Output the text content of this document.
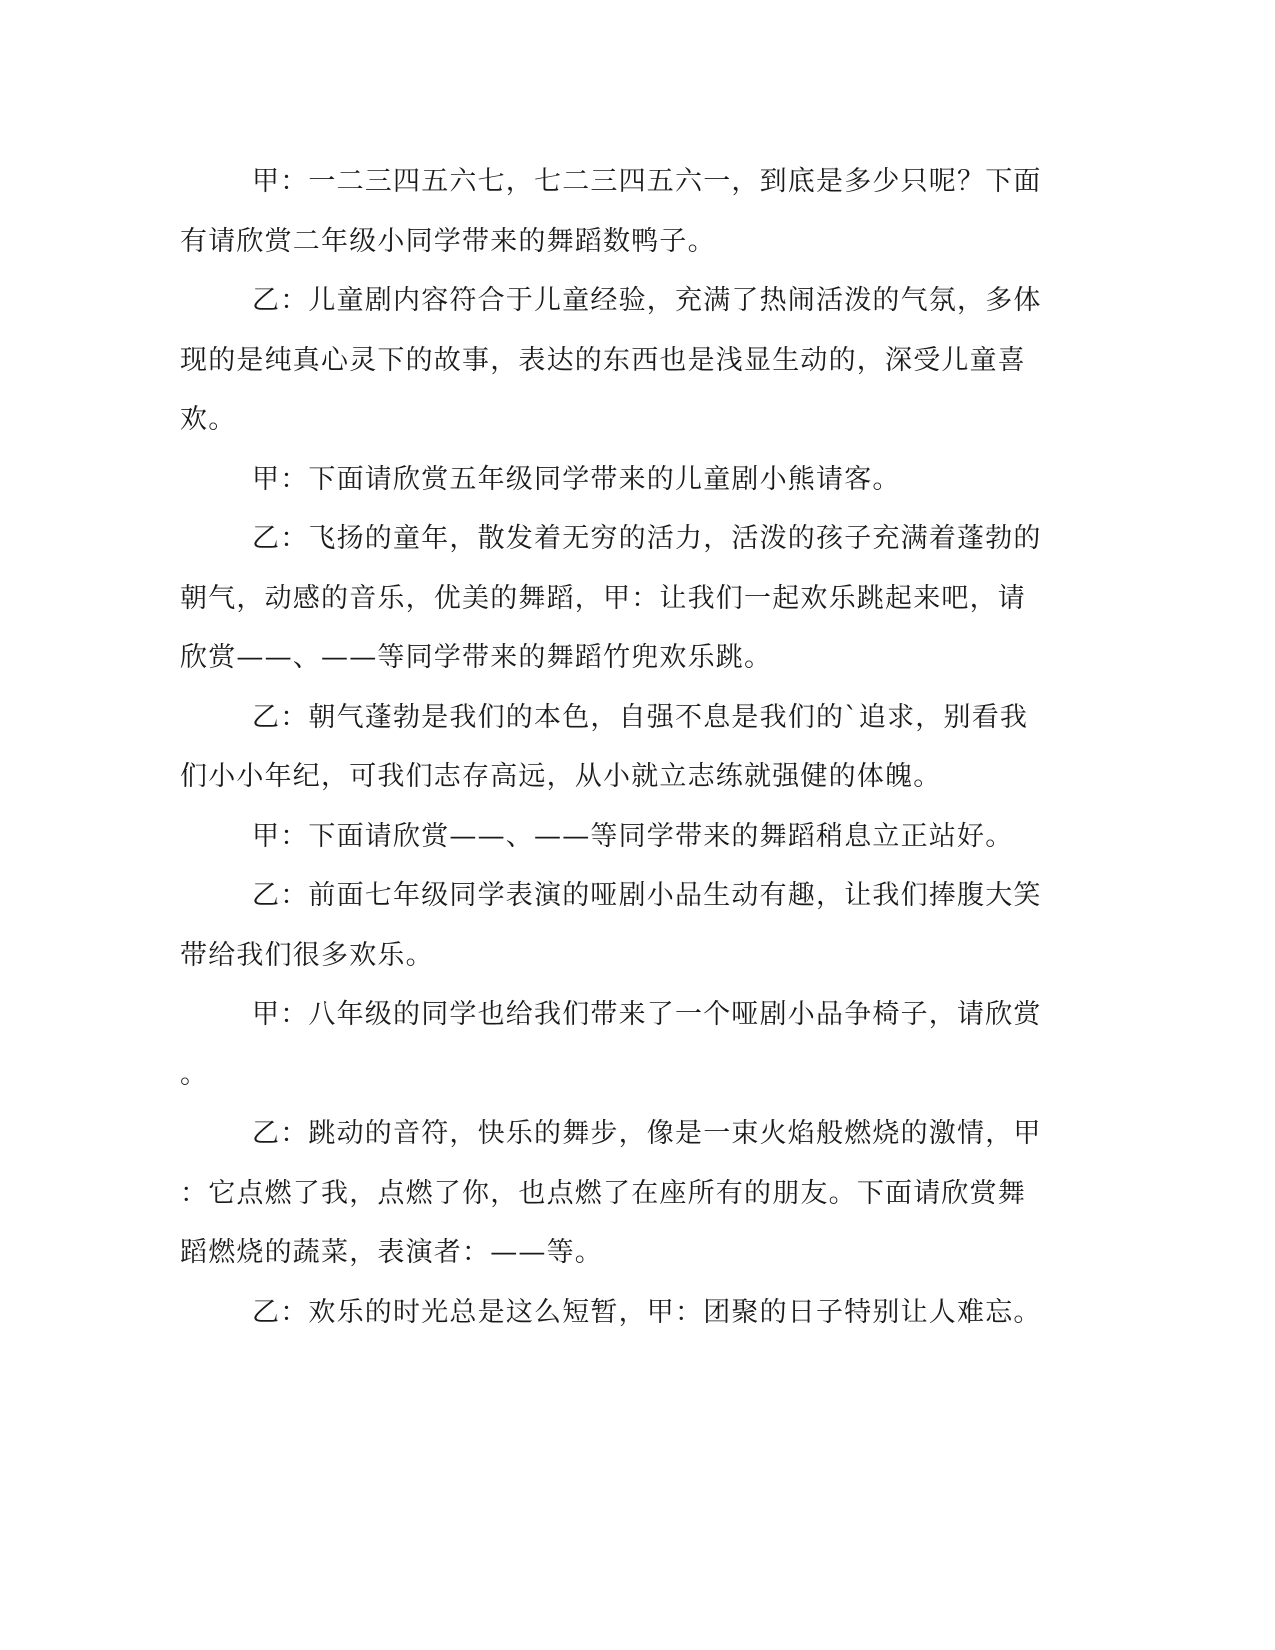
甲：一二三四五六七，七二三四五六一，到底是多少只呢？下面
有请欣赏二年级小同学带来的舞蹈数鸭子。
乙：儿童剧内容符合于儿童经验，充满了热闹活泼的气氛，多体
现的是纯真心灵下的故事，表达的东西也是浅显生动的，深受儿童喜
欢。
甲：下面请欣赏五年级同学带来的儿童剧小熊请客。
乙：飞扬的童年，散发着无穷的活力，活泼的孩子充满着蓬勃的
朝气，动感的音乐，优美的舞蹈，甲：让我们一起欢乐跳起来吧，请
欣赏——、——等同学带来的舞蹈竹兜欢乐跳。
乙：朝气蓬勃是我们的本色，自强不息是我们的`追求，别看我
们小小年纪，可我们志存高远，从小就立志练就强健的体魄。
甲：下面请欣赏——、——等同学带来的舞蹈稍息立正站好。
乙：前面七年级同学表演的哑剧小品生动有趣，让我们捧腹大笑
带给我们很多欢乐。
甲：八年级的同学也给我们带来了一个哑剧小品争椅子，请欣赏
。
乙：跳动的音符，快乐的舞步，像是一束火焰般燃烧的激情，甲
：它点燃了我，点燃了你，也点燃了在座所有的朋友。下面请欣赏舞
蹈燃烧的蔬菜，表演者：——等。
乙：欢乐的时光总是这么短暂，甲：团聚的日子特别让人难忘。
